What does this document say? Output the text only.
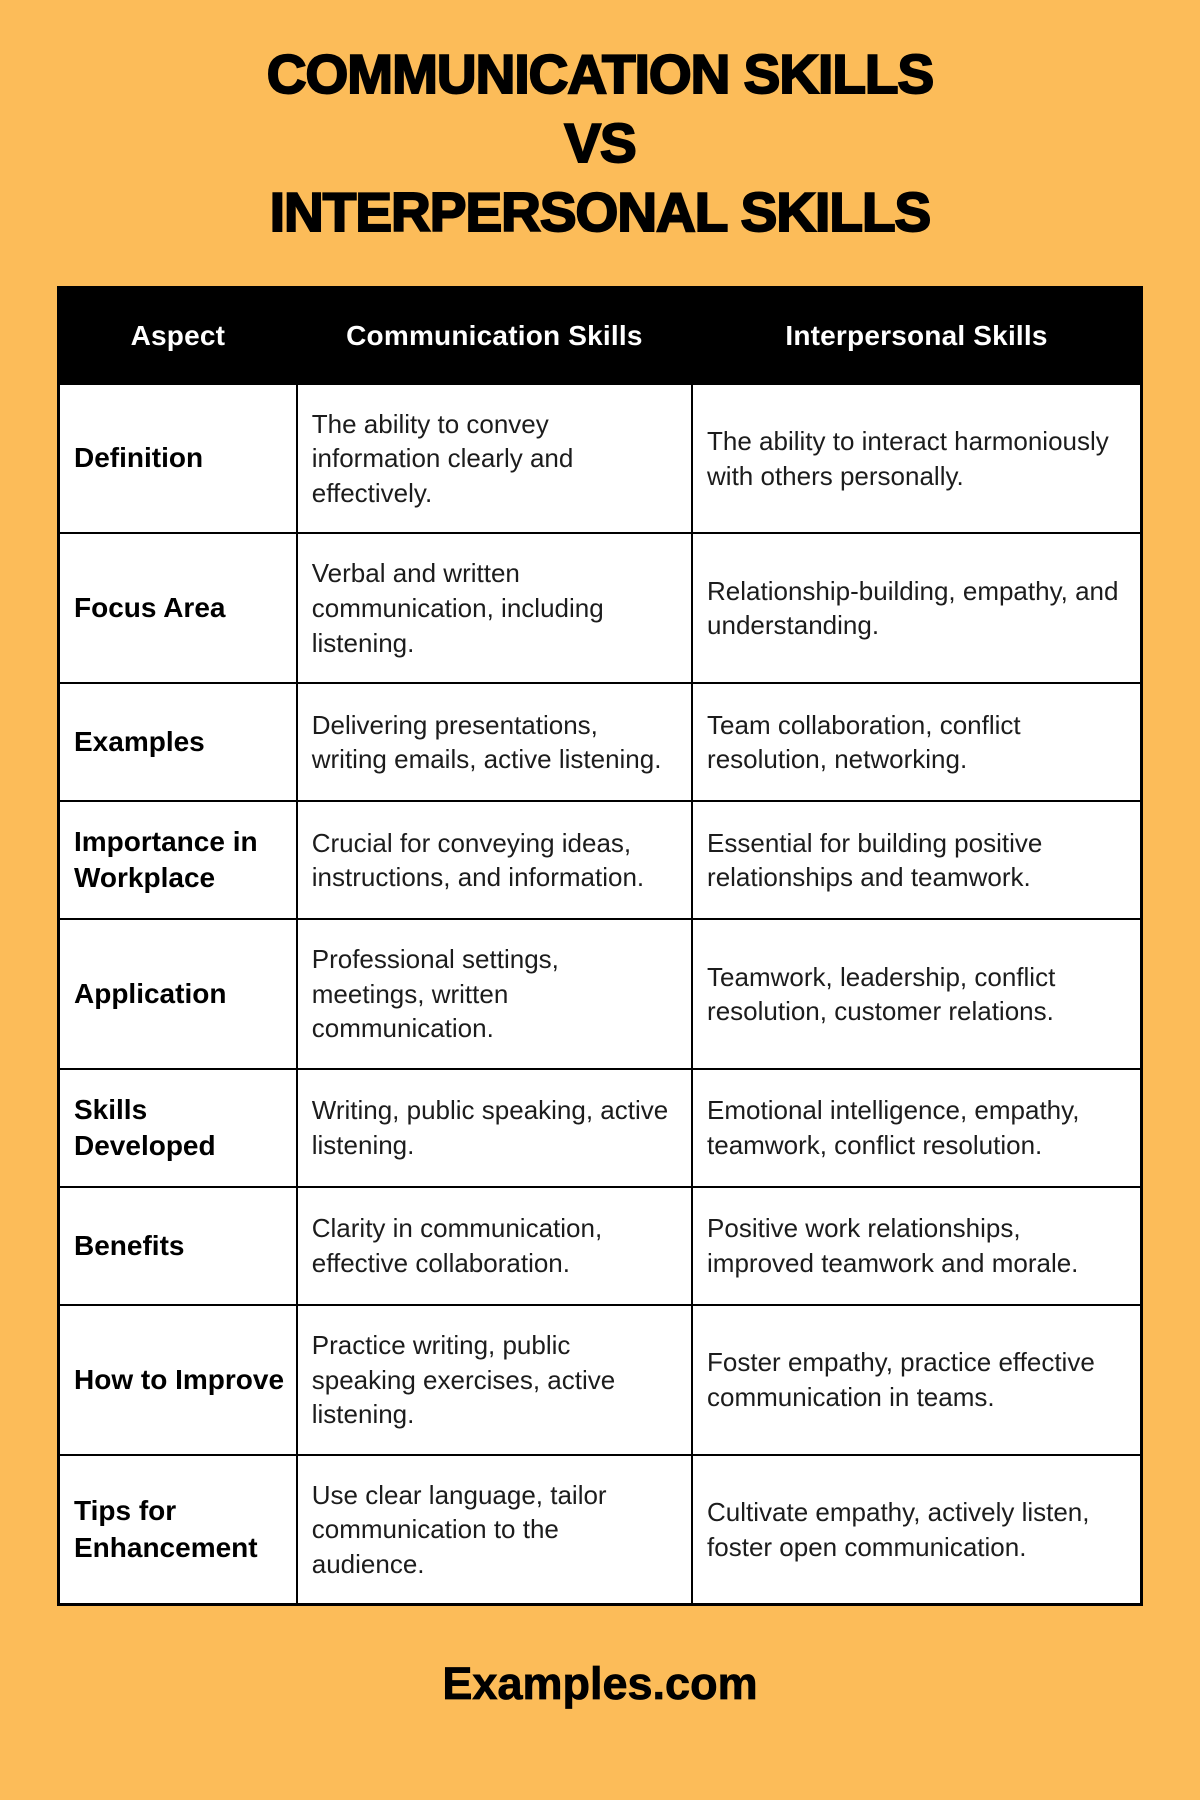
COMMUNICATION SKILLS
VS
INTERPERSONAL SKILLS
Aspect	Communication Skills	Interpersonal Skills
Definition	The ability to convey information clearly and effectively.	The ability to interact harmoniously with others personally.
Focus Area	Verbal and written communication, including listening.	Relationship-building, empathy, and understanding.
Examples	Delivering presentations, writing emails, active listening.	Team collaboration, conflict resolution, networking.
Importance in Workplace	Crucial for conveying ideas, instructions, and information.	Essential for building positive relationships and teamwork.
Application	Professional settings, meetings, written communication.	Teamwork, leadership, conflict resolution, customer relations.
Skills Developed	Writing, public speaking, active listening.	Emotional intelligence, empathy, teamwork, conflict resolution.
Benefits	Clarity in communication, effective collaboration.	Positive work relationships, improved teamwork and morale.
How to Improve	Practice writing, public speaking exercises, active listening.	Foster empathy, practice effective communication in teams.
Tips for Enhancement	Use clear language, tailor communication to the audience.	Cultivate empathy, actively listen, foster open communication.
Examples.com
